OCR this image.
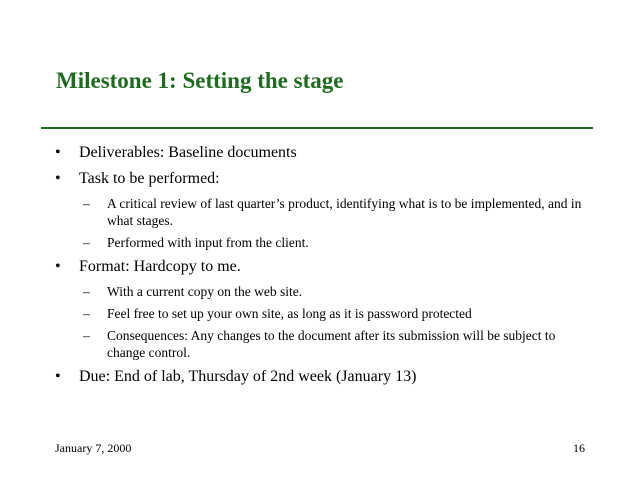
Milestone 1: Setting the stage
• Deliverables: Baseline documents
• Task to be performed:
– A critical review of last quarter’s product, identifying what is to be implemented, and in what stages.
– Performed with input from the client.
• Format: Hardcopy to me.
– With a current copy on the web site.
– Feel free to set up your own site, as long as it is password protected
– Consequences: Any changes to the document after its submission will be subject to change control.
• Due: End of lab, Thursday of 2nd week (January 13)
January 7, 2000	16
